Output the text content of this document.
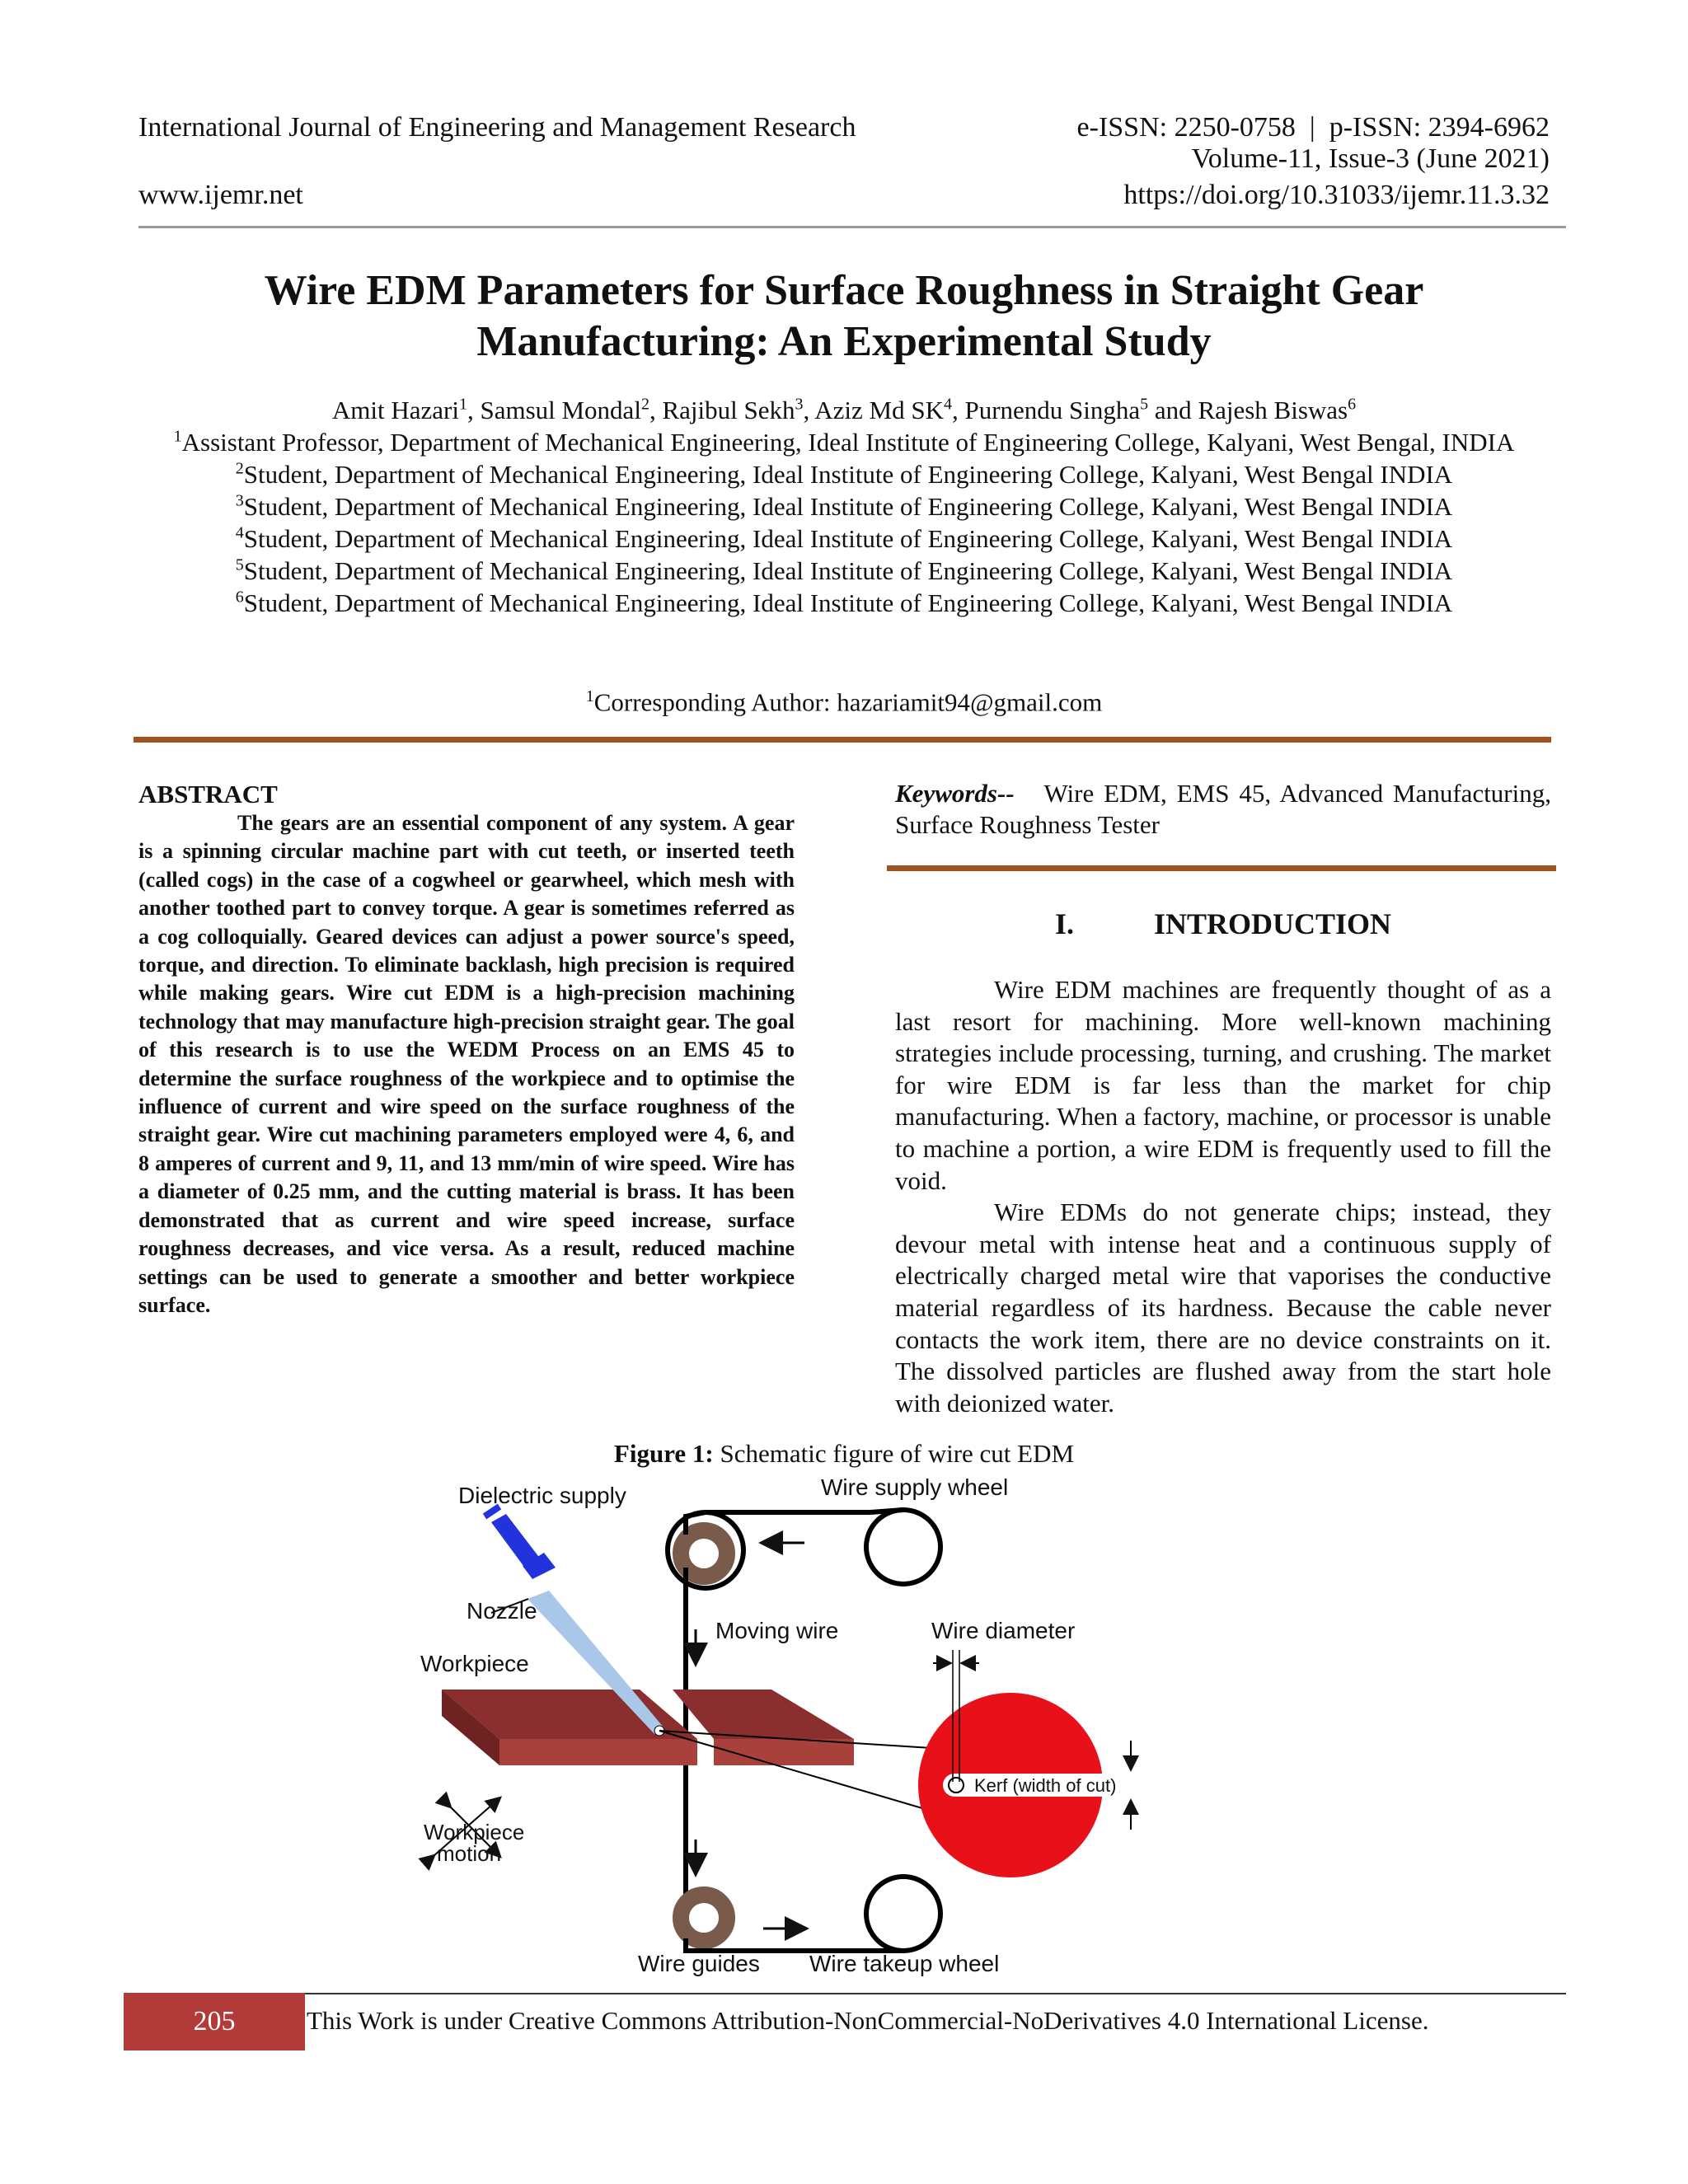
International Journal of Engineering and Management Research	e-ISSN: 2250-0758  |  p-ISSN: 2394-6962
Volume-11, Issue-3 (June 2021)
www.ijemr.net	https://doi.org/10.31033/ijemr.11.3.32
Wire EDM Parameters for Surface Roughness in Straight Gear
Manufacturing: An Experimental Study
Amit Hazari$^1$, Samsul Mondal$^2$, Rajibul Sekh$^3$, Aziz Md $SK^4$, Purnendu Singha$^5$ and Rajesh Biswas$^6$
$^1$Assistant Professor, Department of Mechanical Engineering, Ideal Institute of Engineering College, Kalyani, West Bengal, INDIA
$^2$Student, Department of Mechanical Engineering, Ideal Institute of Engineering College, Kalyani, West Bengal INDIA
$^3$Student, Department of Mechanical Engineering, Ideal Institute of Engineering College, Kalyani, West Bengal INDIA
$^4$Student, Department of Mechanical Engineering, Ideal Institute of Engineering College, Kalyani, West Bengal INDIA
$^5$Student, Department of Mechanical Engineering, Ideal Institute of Engineering College, Kalyani, West Bengal INDIA
$^6$Student, Department of Mechanical Engineering, Ideal Institute of Engineering College, Kalyani, West Bengal INDIA
$^1$Corresponding Author: hazariamit94@gmail.com
ABSTRACT

The gears are an essential component of any system. A gear is a spinning circular machine part with cut teeth, or inserted teeth (called cogs) in the case of a cogwheel or gearwheel, which mesh with another toothed part to convey torque. A gear is sometimes referred as a cog colloquially. Geared devices can adjust a power source's speed, torque, and direction. To eliminate backlash, high precision is required while making gears. Wire cut EDM is a high-precision machining technology that may manufacture high-precision straight gear. The goal of this research is to use the WEDM Process on an EMS 45 to determine the surface roughness of the workpiece and to optimise the influence of current and wire speed on the surface roughness of the straight gear. Wire cut machining parameters employed were 4, 6, and 8 amperes of current and 9, 11, and 13 mm/min of wire speed. Wire has a diameter of 0.25 mm, and the cutting material is brass. It has been demonstrated that as current and wire speed increase, surface roughness decreases, and vice versa. As a result, reduced machine settings can be used to generate a smoother and better workpiece surface.

Keywords-- Wire EDM, EMS 45, Advanced Manufacturing, Surface Roughness Tester

I.	INTRODUCTION

Wire EDM machines are frequently thought of as a last resort for machining. More well-known machining strategies include processing, turning, and crushing. The market for wire EDM is far less than the market for chip manufacturing. When a factory, machine, or processor is unable to machine a portion, a wire EDM is frequently used to fill the void.

Wire EDMs do not generate chips; instead, they devour metal with intense heat and a continuous supply of electrically charged metal wire that vaporises the conductive material regardless of its hardness. Because the cable never contacts the work item, there are no device constraints on it. The dissolved particles are flushed away from the start hole with deionized water.

Figure 1: Schematic figure of wire cut EDM
Dielectric supply	Wire supply wheel
Nozzle
Moving wire	Wire diameter
Workpiece
Workpiece
motion
Kerf (width of cut)
Wire guides Wire takeup wheel
205	This Work is under Creative Commons Attribution-NonCommercial-NoDerivatives 4.0 International License.
